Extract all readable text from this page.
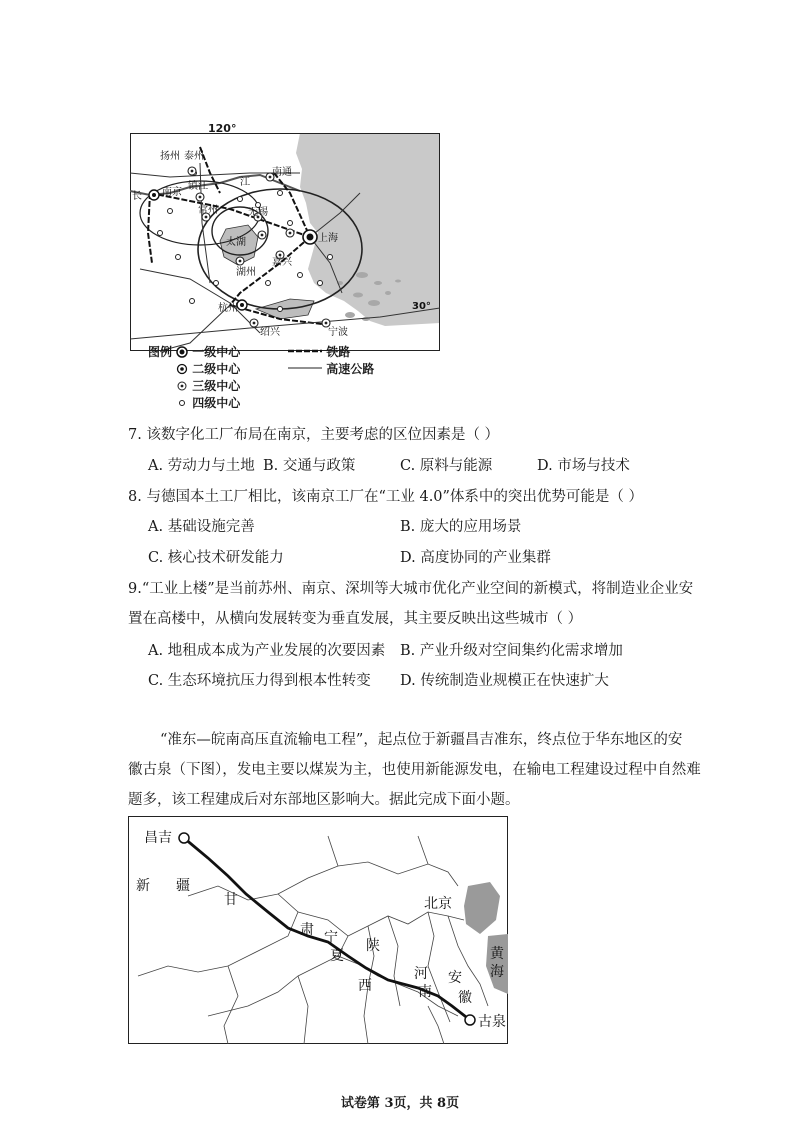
扬州 泰州
长 南京
镇江	江
南通
常州	无锡
太湖	上海
嘉兴
湖州
杭州
绍兴	宁波
30°
120°
图例	一级中心
二级中心
三级中心
四级中心
铁路
高速公路
7. 该数字化工厂布局在南京，主要考虑的区位因素是（ ）
A. 劳动力与土地 B. 交通与政策	C. 原料与能源	D. 市场与技术
8. 与德国本土工厂相比，该南京工厂在“工业 4.0”体系中的突出优势可能是（ ）
A. 基础设施完善	B. 庞大的应用场景
C. 核心技术研发能力	D. 高度协同的产业集群
9.“工业上楼”是当前苏州、南京、深圳等大城市优化产业空间的新模式，将制造业企业安
置在高楼中，从横向发展转变为垂直发展，其主要反映出这些城市（ ）
A. 地租成本成为产业发展的次要因素 B. 产业升级对空间集约化需求增加
C. 生态环境抗压力得到根本性转变 D. 传统制造业规模正在快速扩大
“准东—皖南高压直流输电工程”，起点位于新疆昌吉准东，终点位于华东地区的安
徽古泉（下图），发电主要以煤炭为主，也使用新能源发电，在输电工程建设过程中自然难
题多，该工程建成后对东部地区影响大。据此完成下面小题。
昌吉
古泉
新 疆
甘
肃 宁
夏
陕
西
北京
河
南
安
徽
黄
海
试卷第 3页，共 8页
